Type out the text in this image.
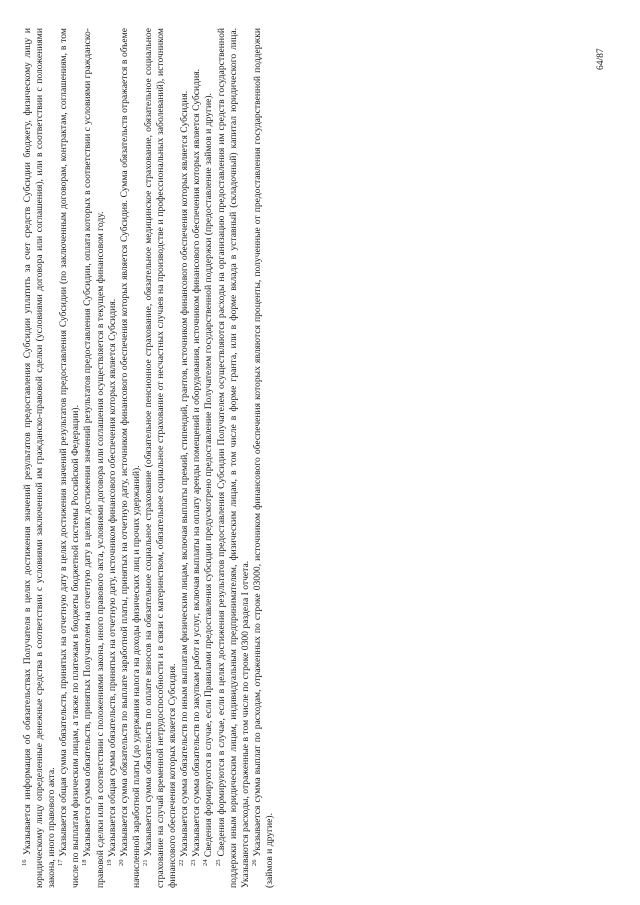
64/87

$^{16}$ Указывается информация об обязательствах Получателя в целях достижения значений результатов предоставления Субсидии уплатить за счет средств Субсидии бюджету, физическому лицу и юридическому лицу определенные денежные средства в соответствии с условиями заключенной им гражданско-правовой сделки (условиями договора или соглашения), или в соответствии с положениями закона, иного правового акта. $^{17}$ Указывается общая сумма обязательств, принятых на отчетную дату в целях достижения значений результатов предоставления Субсидии (по заключенным договорам, контрактам, соглашениям, в том числе по выплатам физическим лицам, а также по платежам в бюджеты бюджетной системы Российской Федерации). $^{18}$ Указывается сумма обязательств, принятых Получателем на отчетную дату в целях достижения значений результатов предоставления Субсидии, оплата которых в соответствии с условиями гражданско-правовой сделки или в соответствии с положениями закона, иного правового акта, условиями договора или соглашения осуществляется в текущем финансовом году. $^{19}$ Указывается общая сумма обязательств, принятых на отчетную дату, источником финансового обеспечения которых является Субсидия.

$^{20}$ Указывается сумма обязательств по выплате заработной платы, принятых на отчетную дату, источником финансового обеспечения которых является Субсидия. Сумма обязательств отражается в объеме начисленной заработной платы (до удержания налога на доходы физических лиц и прочих удержаний). $^{21}$ Указывается сумма обязательств по оплате взносов на обязательное социальное страхование (обязательное пенсионное страхование, обязательное медицинское страхование, обязательное социальное страхование на случай временной нетрудоспособности и в связи с материнством, обязательное социальное страхование от несчастных случаев на производстве и профессиональных заболеваний), источником финансового обеспечения которых является Субсидия. $^{22}$ Указывается сумма обязательств по иным выплатам физическим лицам, включая выплаты премий, стипендий, грантов, источником финансового обеспечения которых является Субсидия.

$^{23}$ Указывается сумма обязательств по закупкам работ и услуг, включая выплаты на оплату аренды помещений и оборудования, источником финансового обеспечения которых является Субсидия.

$^{24}$ Сведения формируются в случае, если Правилами предоставления субсидии предусмотрено предоставление Получателем государственной поддержки (предоставление займов и другие).

$^{25}$ Сведения формируются в случае, если в целях достижения результатов предоставления Субсидии Получателем осуществляются расходы на организацию предоставления им средств государственной поддержки иным юридическим лицам, индивидуальным предпринимателям, физическим лицам, в том числе в форме гранта, или в форме вклада в уставный (складочный) капитал юридического лица. Указываются расходы, отраженные в том числе по строке 0300 раздела I отчета. $^{26}$ Указывается сумма выплат по расходам, отраженных по строке 03000, источником финансового обеспечения которых являются проценты, полученные от предоставления государственной поддержки (займов и другие).
